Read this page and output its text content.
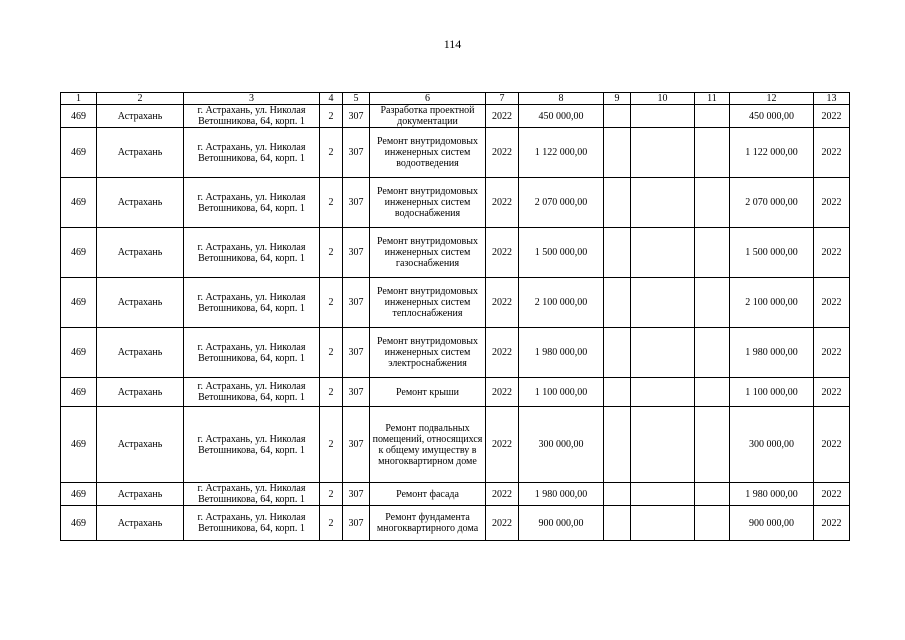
114
1	2	3	4	5	6	7	8	9	10	11	12	13
469	Астрахань	г. Астрахань, ул. Николая Ветошникова, 64, корп. 1	2	307	Разработка проектной документации	2022	450 000,00				450 000,00	2022
469	Астрахань	г. Астрахань, ул. Николая Ветошникова, 64, корп. 1	2	307	Ремонт внутридомовых инженерных систем водоотведения	2022	1 122 000,00				1 122 000,00	2022
469	Астрахань	г. Астрахань, ул. Николая Ветошникова, 64, корп. 1	2	307	Ремонт внутридомовых инженерных систем водоснабжения	2022	2 070 000,00				2 070 000,00	2022
469	Астрахань	г. Астрахань, ул. Николая Ветошникова, 64, корп. 1	2	307	Ремонт внутридомовых инженерных систем газоснабжения	2022	1 500 000,00				1 500 000,00	2022
469	Астрахань	г. Астрахань, ул. Николая Ветошникова, 64, корп. 1	2	307	Ремонт внутридомовых инженерных систем теплоснабжения	2022	2 100 000,00				2 100 000,00	2022
469	Астрахань	г. Астрахань, ул. Николая Ветошникова, 64, корп. 1	2	307	Ремонт внутридомовых инженерных систем электроснабжения	2022	1 980 000,00				1 980 000,00	2022
469	Астрахань	г. Астрахань, ул. Николая Ветошникова, 64, корп. 1	2	307	Ремонт крыши	2022	1 100 000,00				1 100 000,00	2022
469	Астрахань	г. Астрахань, ул. Николая Ветошникова, 64, корп. 1	2	307	Ремонт подвальных помещений, относящихся к общему имуществу в многоквартирном доме	2022	300 000,00				300 000,00	2022
469	Астрахань	г. Астрахань, ул. Николая Ветошникова, 64, корп. 1	2	307	Ремонт фасада	2022	1 980 000,00				1 980 000,00	2022
469	Астрахань	г. Астрахань, ул. Николая Ветошникова, 64, корп. 1	2	307	Ремонт фундамента многоквартирного дома	2022	900 000,00				900 000,00	2022
